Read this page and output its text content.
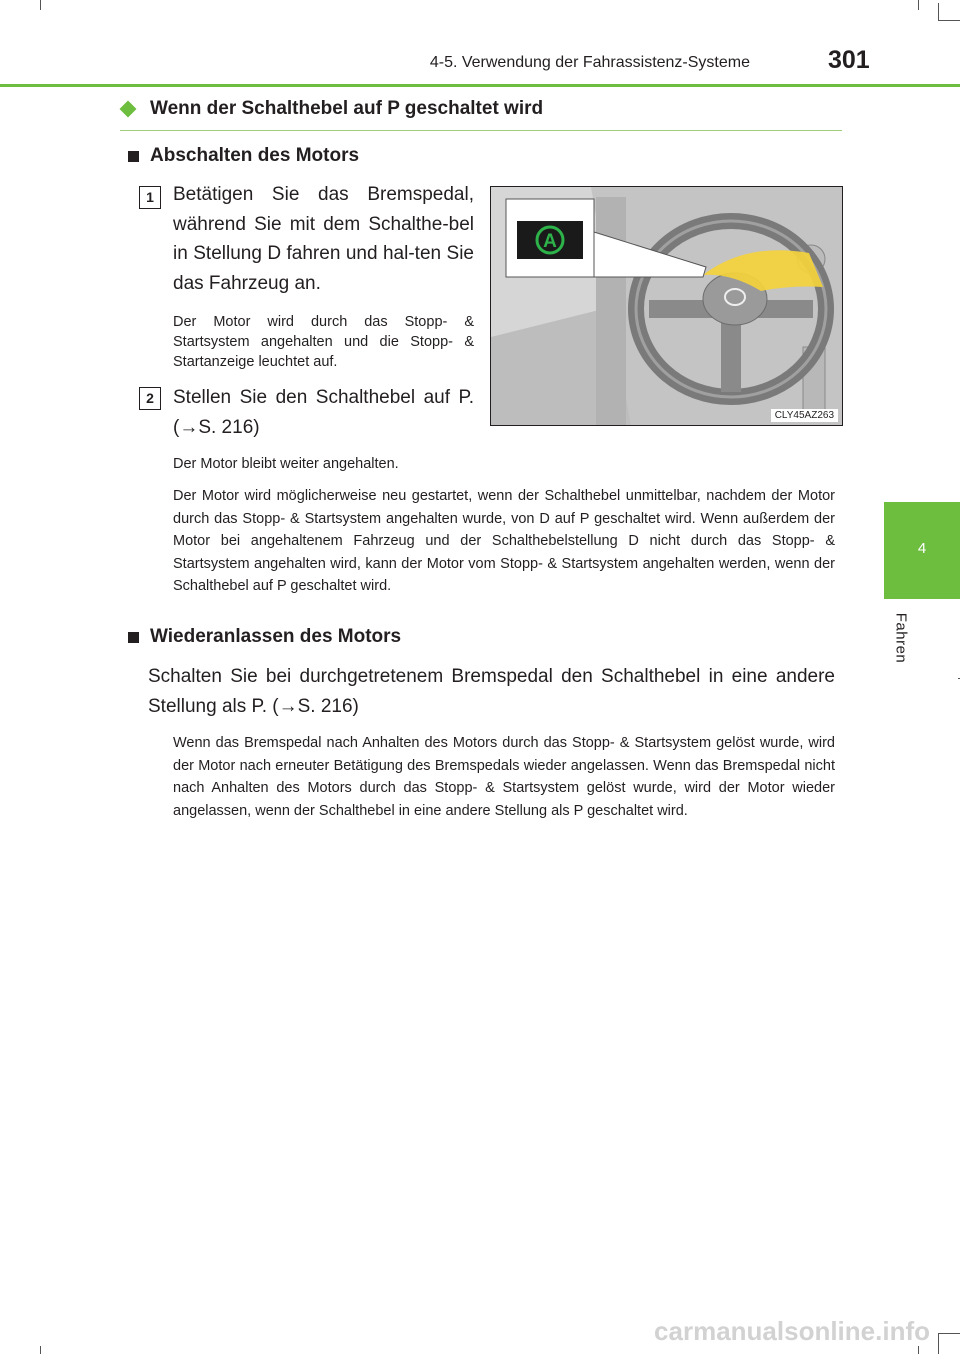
4-5. Verwendung der Fahrassistenz-Systeme	301
4
Fahren
Wenn der Schalthebel auf P geschaltet wird
Abschalten des Motors
1	Betätigen Sie das Bremspedal, während Sie mit dem Schalthe-bel in Stellung D fahren und hal-ten Sie das Fahrzeug an.
Der Motor wird durch das Stopp- & Startsystem angehalten und die Stopp- & Startanzeige leuchtet auf.
2	Stellen Sie den Schalthebel auf P. (→S. 216)
Der Motor bleibt weiter angehalten.
Der Motor wird möglicherweise neu gestartet, wenn der Schalthebel unmittelbar, nachdem der Motor durch das Stopp- & Startsystem angehalten wurde, von D auf P geschaltet wird. Wenn außerdem der Motor bei angehaltenem Fahrzeug und der Schalthebelstellung D nicht durch das Stopp- & Startsystem angehalten wird, kann der Motor vom Stopp- & Startsystem angehalten werden, wenn der Schalthebel auf P geschaltet wird.
A
CLY45AZ263
Wiederanlassen des Motors
Schalten Sie bei durchgetretenem Bremspedal den Schalthebel in eine andere Stellung als P. (→S. 216)
Wenn das Bremspedal nach Anhalten des Motors durch das Stopp- & Startsystem gelöst wurde, wird der Motor nach erneuter Betätigung des Bremspedals wieder angelassen. Wenn das Bremspedal nicht nach Anhalten des Motors durch das Stopp- & Startsystem gelöst wurde, wird der Motor wieder angelassen, wenn der Schalthebel in eine andere Stellung als P geschaltet wird.
carmanualsonline.info
